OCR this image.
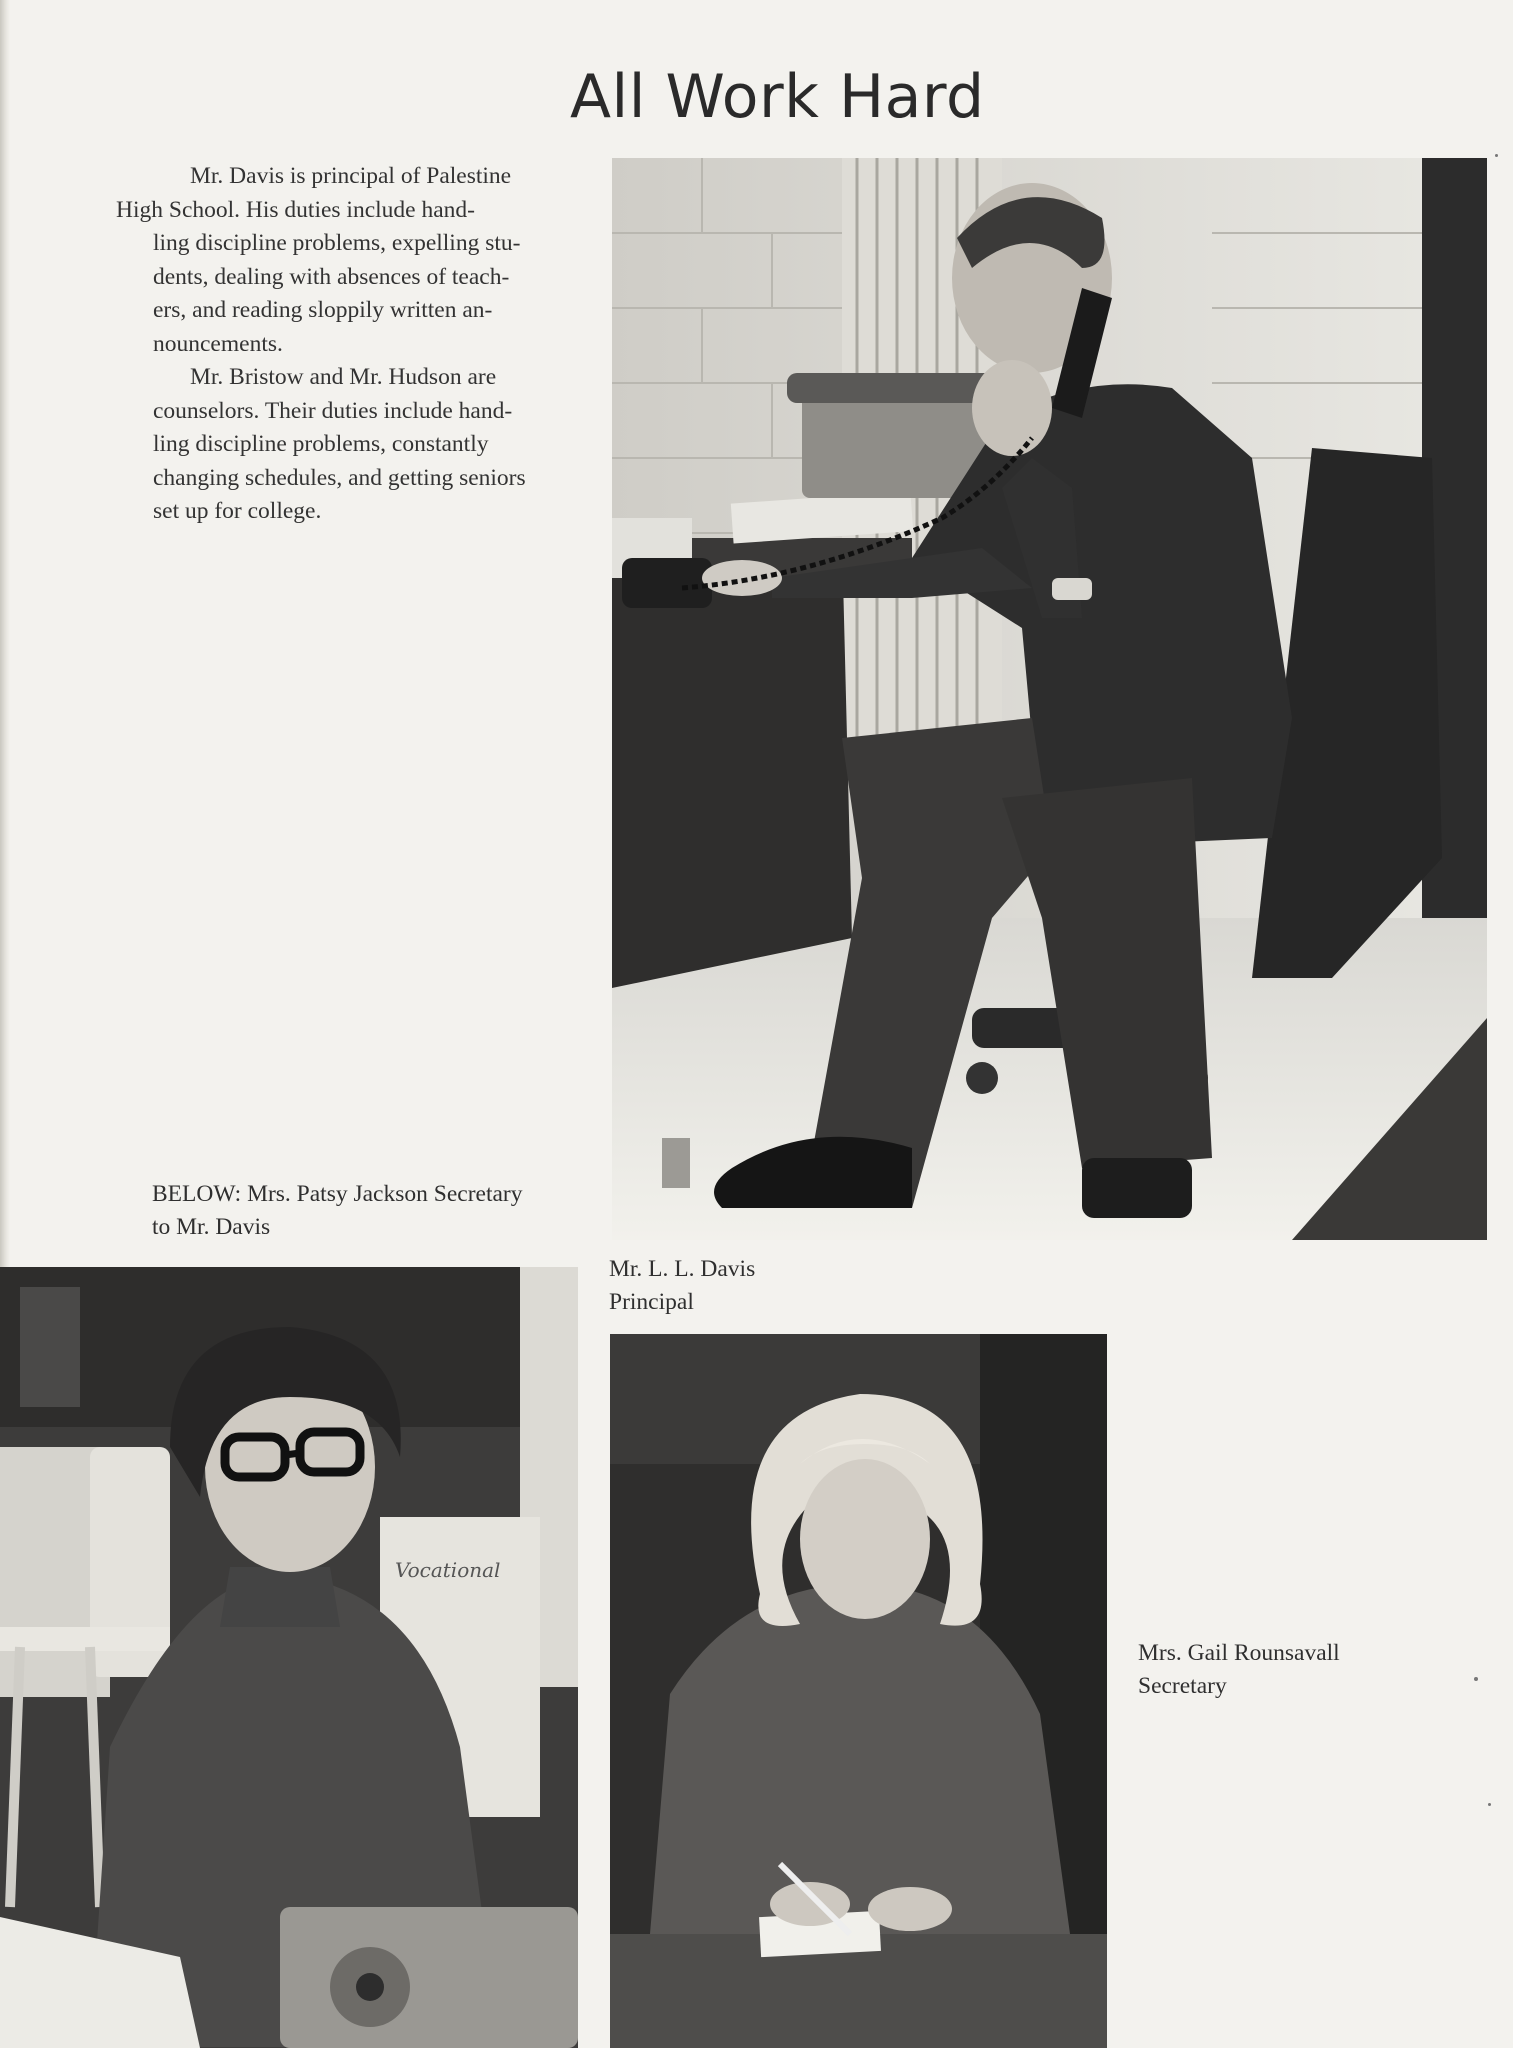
All Work Hard

Mr. Davis is principal of Palestine
High School. His duties include hand-
ling discipline problems, expelling stu-
dents, dealing with absences of teach-
ers, and reading sloppily written an-
nouncements.

Mr. Bristow and Mr. Hudson are
counselors. Their duties include hand-
ling discipline problems, constantly
changing schedules, and getting seniors
set up for college.

Mr. L. L. Davis
Principal
BELOW: Mrs. Patsy Jackson Secretary
to Mr. Davis
Vocational
Mrs. Gail Rounsavall
Secretary
